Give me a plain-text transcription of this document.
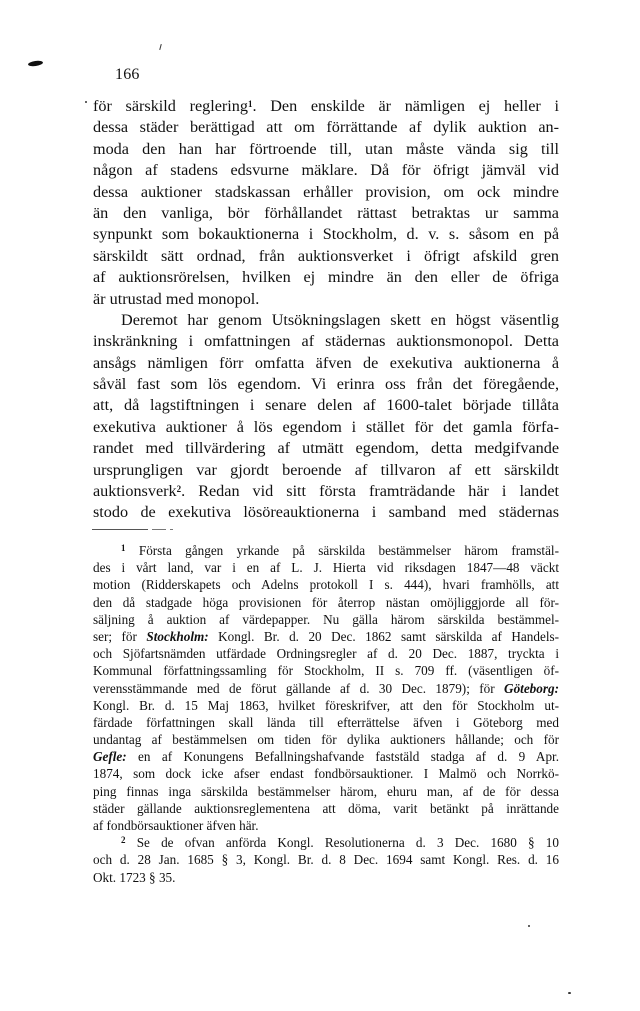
166
för särskild reglering$^1$. Den enskilde är nämligen ej heller i
dessa städer berättigad att om förrättande af dylik auktion an-
moda den han har förtroende till, utan måste vända sig till
någon af stadens edsvurne mäklare. Då för öfrigt jämväl vid
dessa auktioner stadskassan erhåller provision, om ock mindre
än den vanliga, bör förhållandet rättast betraktas ur samma
synpunkt som bokauktionerna i Stockholm, d. v. s. såsom en på
särskildt sätt ordnad, från auktionsverket i öfrigt afskild gren
af auktionsrörelsen, hvilken ej mindre än den eller de öfriga
är utrustad med monopol.
Deremot har genom Utsökningslagen skett en högst väsentlig
inskränkning i omfattningen af städernas auktionsmonopol. Detta
ansågs nämligen förr omfatta äfven de exekutiva auktionerna å
såväl fast som lös egendom. Vi erinra oss från det föregående,
att, då lagstiftningen i senare delen af 1600-talet började tillåta
exekutiva auktioner å lös egendom i stället för det gamla förfa-
randet med tillvärdering af utmätt egendom, detta medgifvande
ursprungligen var gjordt beroende af tillvaron af ett särskildt
auktionsverk$^2$. Redan vid sitt första framträdande här i landet
stodo de exekutiva lösöreauktionerna i samband med städernas
$^1$ Första gången yrkande på särskilda bestämmelser härom framstäl-
des i vårt land, var i en af L. J. Hierta vid riksdagen 1847—48 väckt
motion (Ridderskapets och Adelns protokoll I s. 444), hvari framhölls, att
den då stadgade höga provisionen för återrop nästan omöjliggjorde all för-
säljning å auktion af värdepapper. Nu gälla härom särskilda bestämmel-
ser; för Stockholm: Kongl. Br. d. 20 Dec. 1862 samt särskilda af Handels-
och Sjöfartsnämden utfärdade Ordningsregler af d. 20 Dec. 1887, tryckta i
Kommunal författningssamling för Stockholm, II s. 709 ff. (väsentligen öf-
verensstämmande med de förut gällande af d. 30 Dec. 1879); för Göteborg:
Kongl. Br. d. 15 Maj 1863, hvilket föreskrifver, att den för Stockholm ut-
färdade författningen skall lända till efterrättelse äfven i Göteborg med
undantag af bestämmelsen om tiden för dylika auktioners hållande; och för
Gefle: en af Konungens Befallningshafvande faststäld stadga af d. 9 Apr.
1874, som dock icke afser endast fondbörsauktioner. I Malmö och Norrkö-
ping finnas inga särskilda bestämmelser härom, ehuru man, af de för dessa
städer gällande auktionsreglementena att döma, varit betänkt på inrättande
af fondbörsauktioner äfven här.
$^2$ Se de ofvan anförda Kongl. Resolutionerna d. 3 Dec. 1680 § 10
och d. 28 Jan. 1685 § 3, Kongl. Br. d. 8 Dec. 1694 samt Kongl. Res. d. 16
Okt. 1723 § 35.
